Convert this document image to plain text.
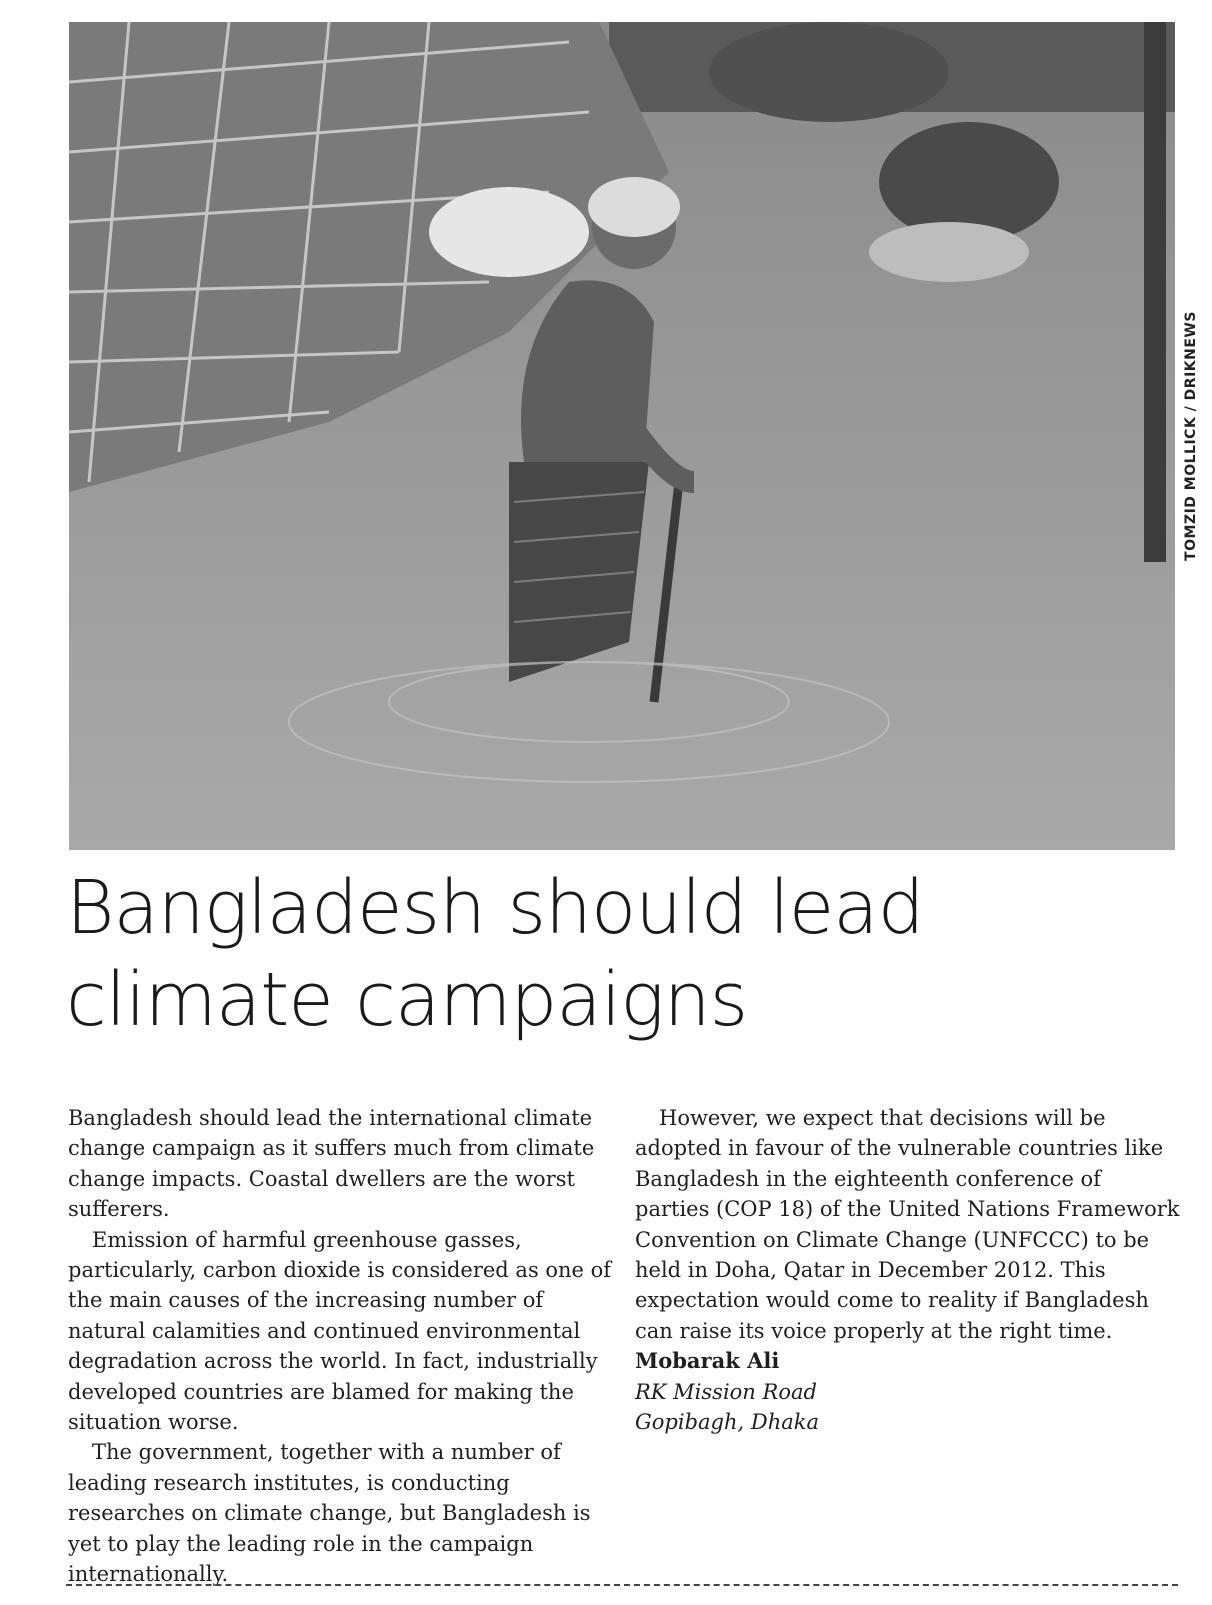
TOMZID MOLLICK / DRIKNEWS
Bangladesh should lead
climate campaigns

Bangladesh should lead the international climate change campaign as it suffers much from climate change impacts. Coastal dwellers are the worst sufferers.

Emission of harmful greenhouse gasses, particularly, carbon dioxide is considered as one of the main causes of the increasing number of natural calamities and continued environmental degradation across the world. In fact, industrially developed countries are blamed for making the situation worse.

The government, together with a number of leading research institutes, is conducting researches on climate change, but Bangladesh is yet to play the leading role in the campaign internationally.

However, we expect that decisions will be adopted in favour of the vulnerable countries like Bangladesh in the eighteenth conference of parties (COP 18) of the United Nations Framework Convention on Climate Change (UNFCCC) to be held in Doha, Qatar in December 2012. This expectation would come to reality if Bangladesh can raise its voice properly at the right time.

Mobarak Ali

RK Mission Road

Gopibagh, Dhaka
